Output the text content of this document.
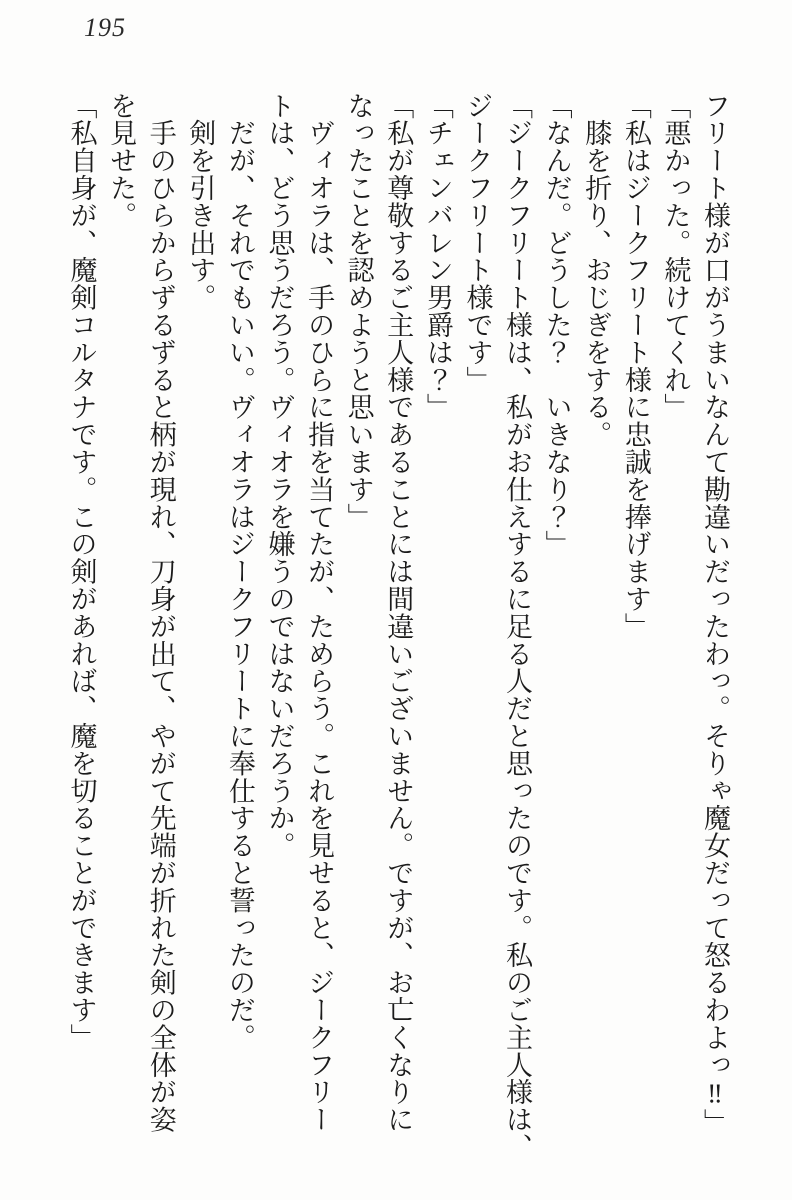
195
フリート様が口がうまいなんて勘違いだったわっ。そりゃ魔女だって怒るわよっ‼」
「悪かった。続けてくれ」
「私はジークフリート様に忠誠を捧げます」
　膝を折り、おじぎをする。
「なんだ。どうした？　いきなり？」
「ジークフリート様は、私がお仕えするに足る人だと思ったのです。私のご主人様は、
ジークフリート様です」
「チェンバレン男爵は？」
「私が尊敬するご主人様であることには間違いございません。ですが、お亡くなりに
なったことを認めようと思います」
　ヴィオラは、手のひらに指を当てたが、ためらう。これを見せると、ジークフリー
トは、どう思うだろう。ヴィオラを嫌うのではないだろうか。
　だが、それでもいい。ヴィオラはジークフリートに奉仕すると誓ったのだ。
　剣を引き出す。
　手のひらからずるずると柄が現れ、刀身が出て、やがて先端が折れた剣の全体が姿
を見せた。
「私自身が、魔剣コルタナです。この剣があれば、魔を切ることができます」
